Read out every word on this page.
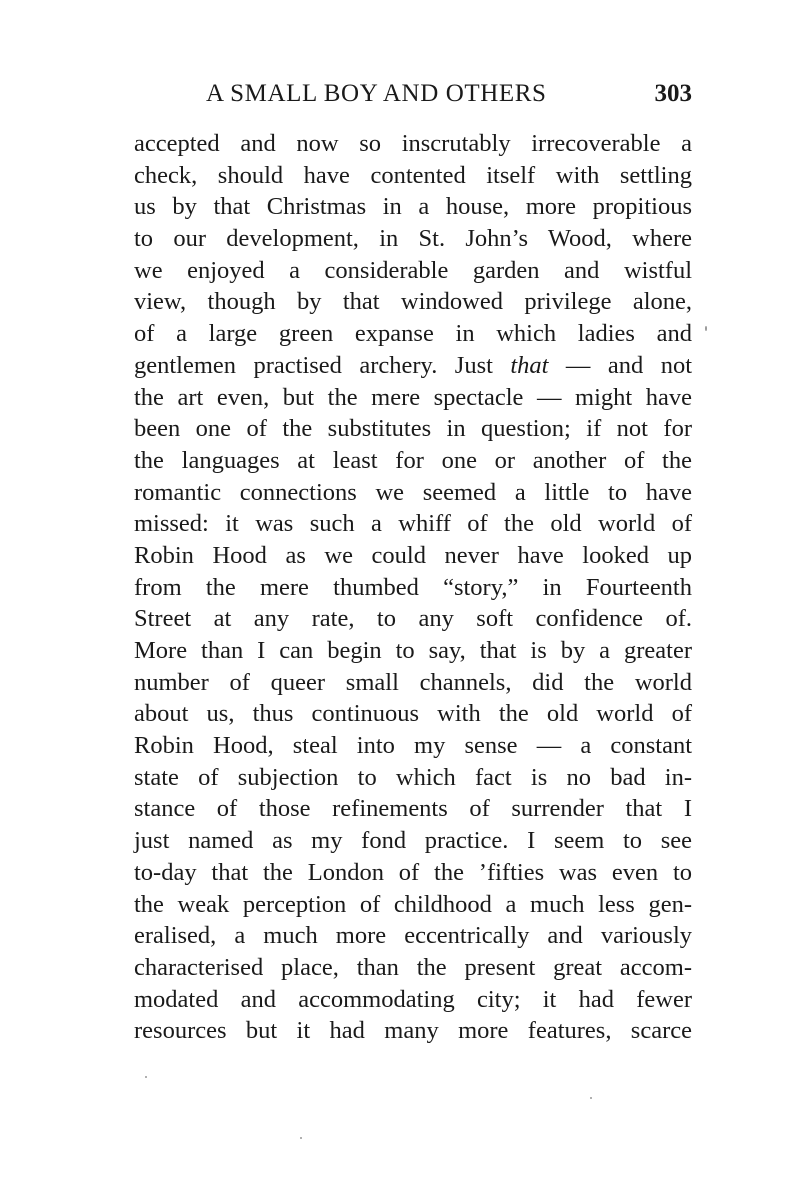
A SMALL BOY AND OTHERS	303
accepted and now so inscrutably irrecoverable a
check, should have contented itself with settling
us by that Christmas in a house, more propitious
to our development, in St. John’s Wood, where
we enjoyed a considerable garden and wistful
view, though by that windowed privilege alone,
of a large green expanse in which ladies and
gentlemen practised archery. Just that — and not
the art even, but the mere spectacle — might have
been one of the substitutes in question; if not for
the languages at least for one or another of the
romantic connections we seemed a little to have
missed: it was such a whiff of the old world of
Robin Hood as we could never have looked up
from the mere thumbed “story,” in Fourteenth
Street at any rate, to any soft confidence of.
More than I can begin to say, that is by a greater
number of queer small channels, did the world
about us, thus continuous with the old world of
Robin Hood, steal into my sense — a constant
state of subjection to which fact is no bad in-
stance of those refinements of surrender that I
just named as my fond practice. I seem to see
to-day that the London of the ’fifties was even to
the weak perception of childhood a much less gen-
eralised, a much more eccentrically and variously
characterised place, than the present great accom-
modated and accommodating city; it had fewer
resources but it had many more features, scarce
